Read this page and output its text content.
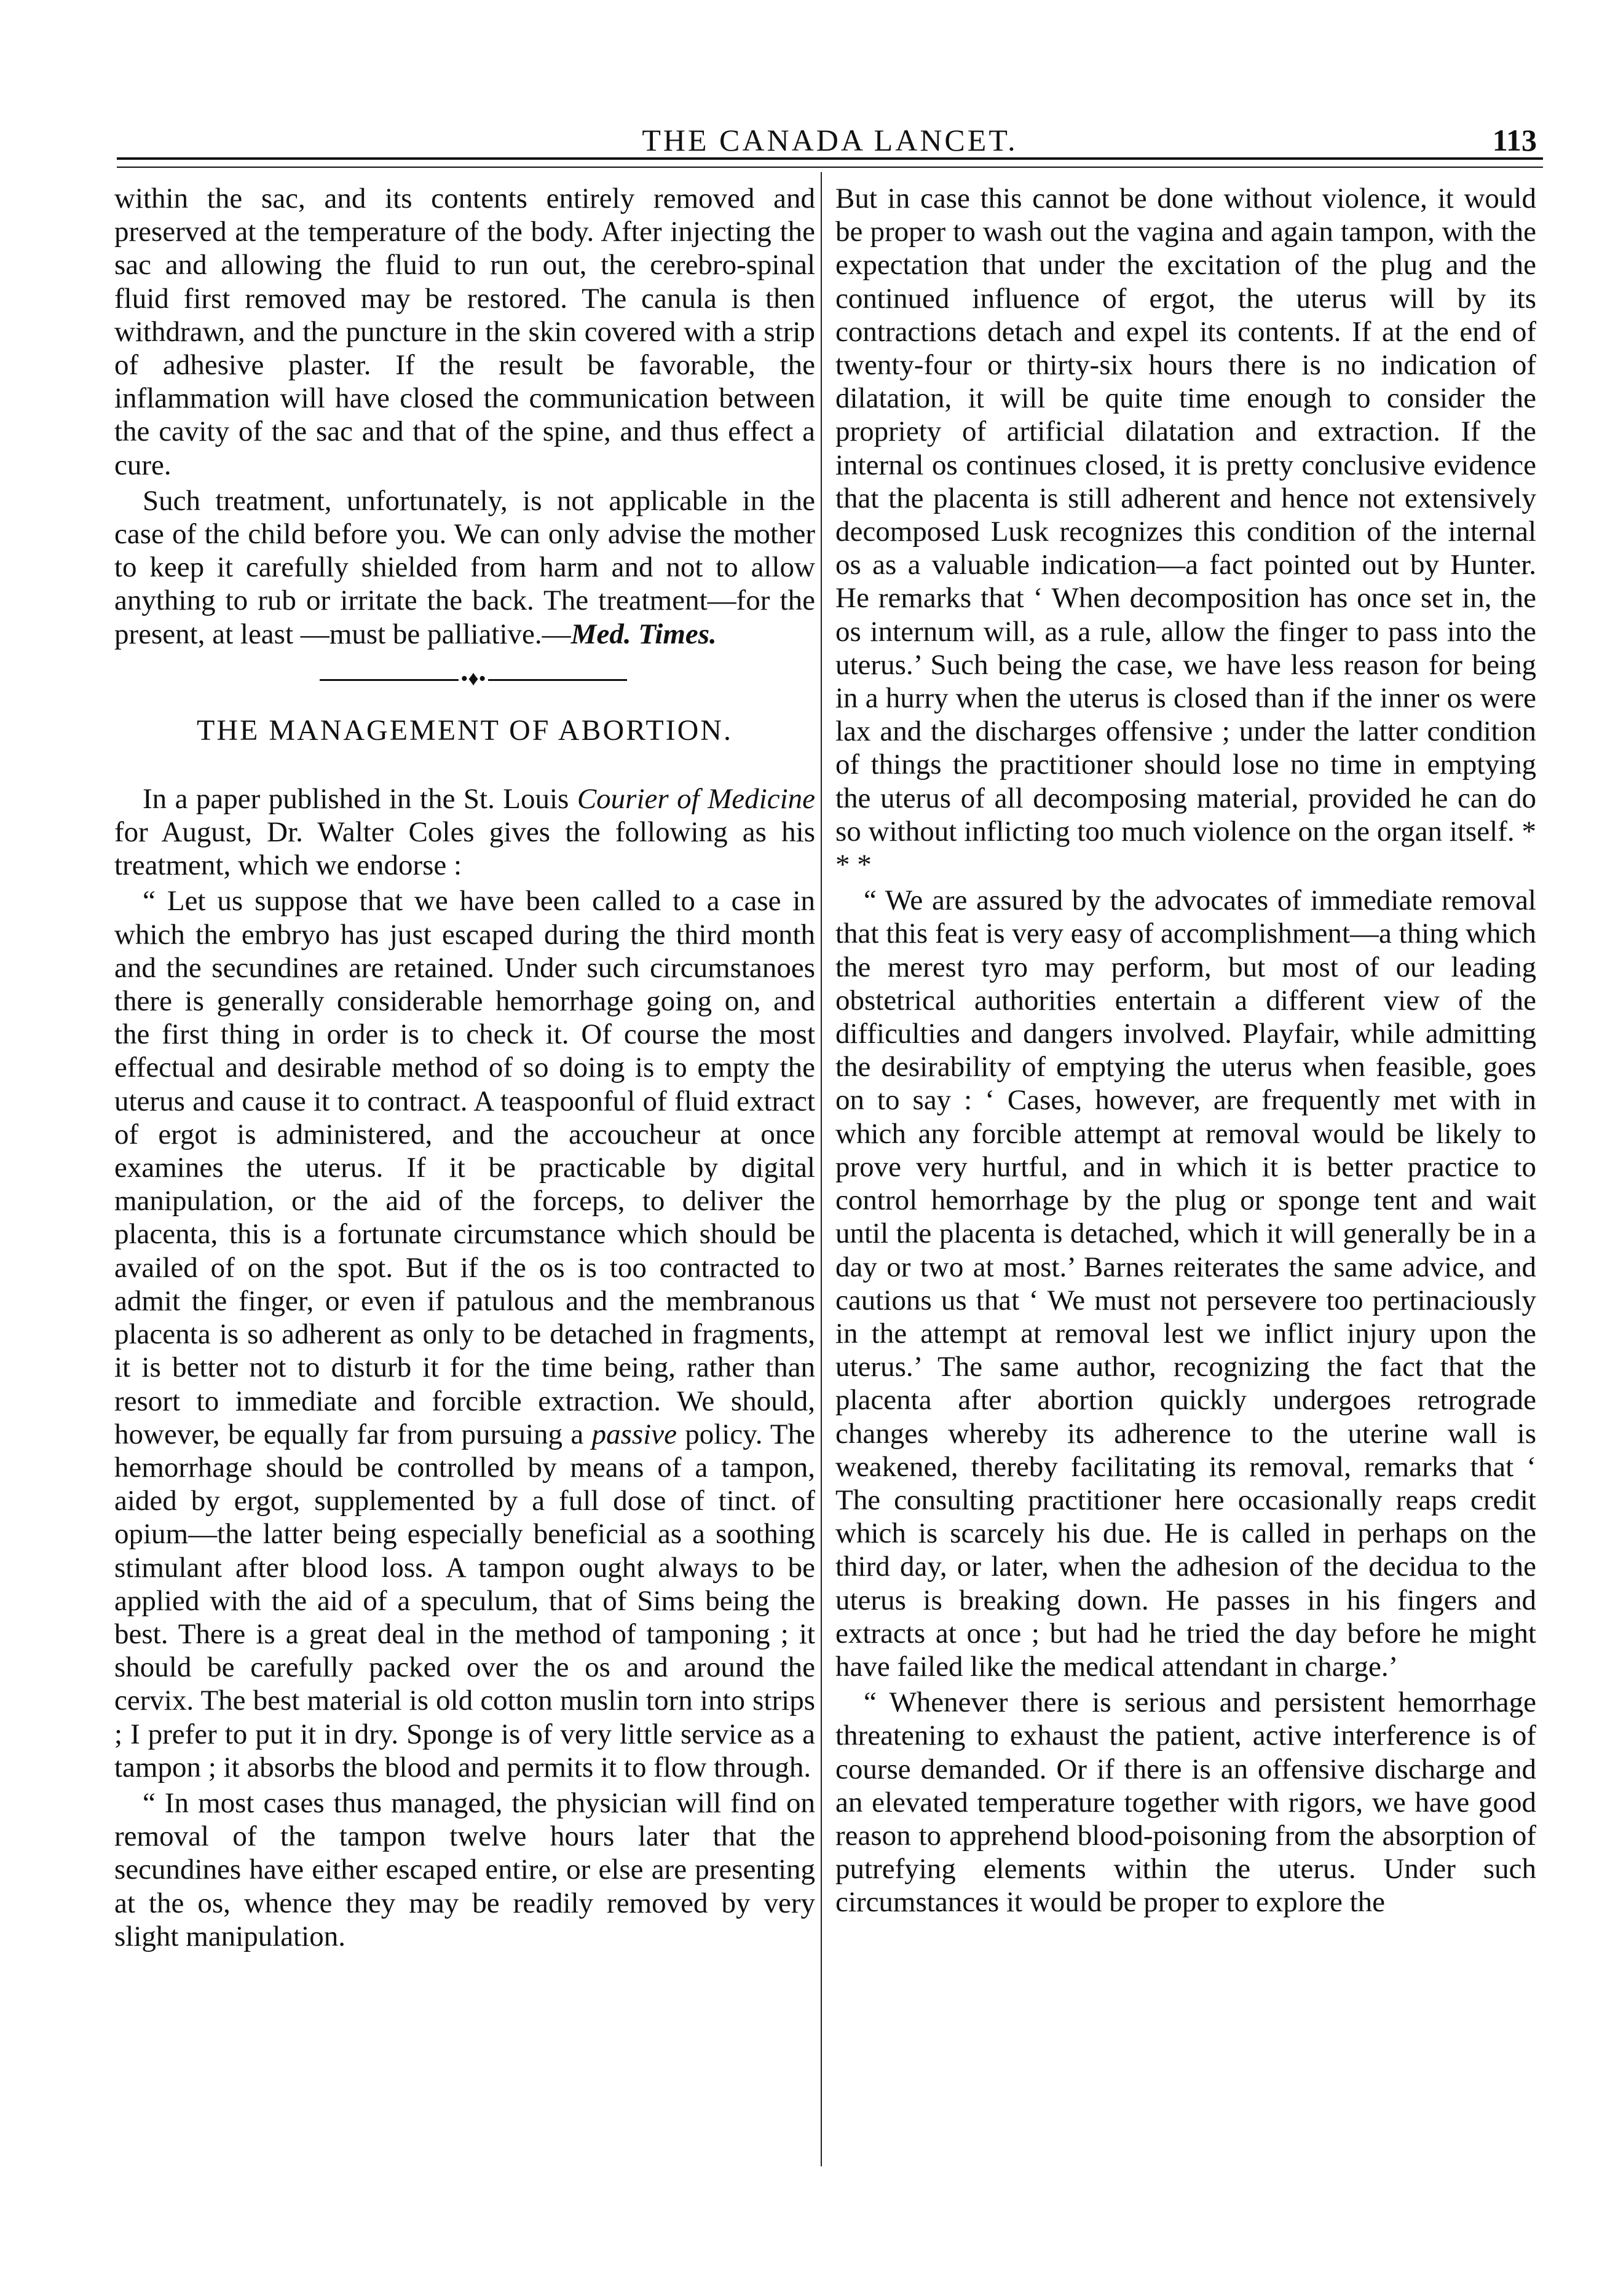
THE CANADA LANCET.	113

within the sac, and its contents entirely removed and preserved at the temperature of the body. After injecting the sac and allowing the fluid to run out, the cerebro-spinal fluid first removed may be restored. The canula is then withdrawn, and the puncture in the skin covered with a strip of adhesive plaster. If the result be favorable, the inflammation will have closed the communication between the cavity of the sac and that of the spine, and thus effect a cure.

Such treatment, unfortunately, is not applicable in the case of the child before you. We can only advise the mother to keep it carefully shielded from harm and not to allow anything to rub or irritate the back. The treatment—for the present, at least —must be palliative.—Med. Times.

•♦•
THE MANAGEMENT OF ABORTION.

In a paper published in the St. Louis Courier of Medicine for August, Dr. Walter Coles gives the following as his treatment, which we endorse :

“ Let us suppose that we have been called to a case in which the embryo has just escaped during the third month and the secundines are retained. Under such circumstanoes there is generally considerable hemorrhage going on, and the first thing in order is to check it. Of course the most effectual and desirable method of so doing is to empty the uterus and cause it to contract. A teaspoonful of fluid extract of ergot is administered, and the accoucheur at once examines the uterus. If it be practicable by digital manipulation, or the aid of the forceps, to deliver the placenta, this is a fortunate circumstance which should be availed of on the spot. But if the os is too contracted to admit the finger, or even if patulous and the membranous placenta is so adherent as only to be detached in fragments, it is better not to disturb it for the time being, rather than resort to immediate and forcible extraction. We should, however, be equally far from pursuing a passive policy. The hemorrhage should be controlled by means of a tampon, aided by ergot, supplemented by a full dose of tinct. of opium—the latter being especially beneficial as a soothing stimulant after blood loss. A tampon ought always to be applied with the aid of a speculum, that of Sims being the best. There is a great deal in the method of tamponing ; it should be carefully packed over the os and around the cervix. The best material is old cotton muslin torn into strips ; I prefer to put it in dry. Sponge is of very little service as a tampon ; it absorbs the blood and permits it to flow through.

“ In most cases thus managed, the physician will find on removal of the tampon twelve hours later that the secundines have either escaped entire, or else are presenting at the os, whence they may be readily removed by very slight manipulation.

But in case this cannot be done without violence, it would be proper to wash out the vagina and again tampon, with the expectation that under the excitation of the plug and the continued influence of ergot, the uterus will by its contractions detach and expel its contents. If at the end of twenty-four or thirty-six hours there is no indication of dilatation, it will be quite time enough to consider the propriety of artificial dilatation and extraction. If the internal os continues closed, it is pretty conclusive evidence that the placenta is still adherent and hence not extensively decomposed Lusk recognizes this condition of the internal os as a valuable indication—a fact pointed out by Hunter. He remarks that ‘ When decomposition has once set in, the os internum will, as a rule, allow the finger to pass into the uterus.’ Such being the case, we have less reason for being in a hurry when the uterus is closed than if the inner os were lax and the discharges offensive ; under the latter condition of things the practitioner should lose no time in emptying the uterus of all decomposing material, provided he can do so without inflicting too much violence on the organ itself. * * *

“ We are assured by the advocates of immediate removal that this feat is very easy of accomplishment—a thing which the merest tyro may perform, but most of our leading obstetrical authorities entertain a different view of the difficulties and dangers involved. Playfair, while admitting the desirability of emptying the uterus when feasible, goes on to say : ‘ Cases, however, are frequently met with in which any forcible attempt at removal would be likely to prove very hurtful, and in which it is better practice to control hemorrhage by the plug or sponge tent and wait until the placenta is detached, which it will generally be in a day or two at most.’ Barnes reiterates the same advice, and cautions us that ‘ We must not persevere too pertinaciously in the attempt at removal lest we inflict injury upon the uterus.’ The same author, recognizing the fact that the placenta after abortion quickly undergoes retrograde changes whereby its adherence to the uterine wall is weakened, thereby facilitating its removal, remarks that ‘ The consulting practitioner here occasionally reaps credit which is scarcely his due. He is called in perhaps on the third day, or later, when the adhesion of the decidua to the uterus is breaking down. He passes in his fingers and extracts at once ; but had he tried the day before he might have failed like the medical attendant in charge.’

“ Whenever there is serious and persistent hemorrhage threatening to exhaust the patient, active interference is of course demanded. Or if there is an offensive discharge and an elevated temperature together with rigors, we have good reason to apprehend blood-poisoning from the absorption of putrefying elements within the uterus. Under such circumstances it would be proper to explore the
